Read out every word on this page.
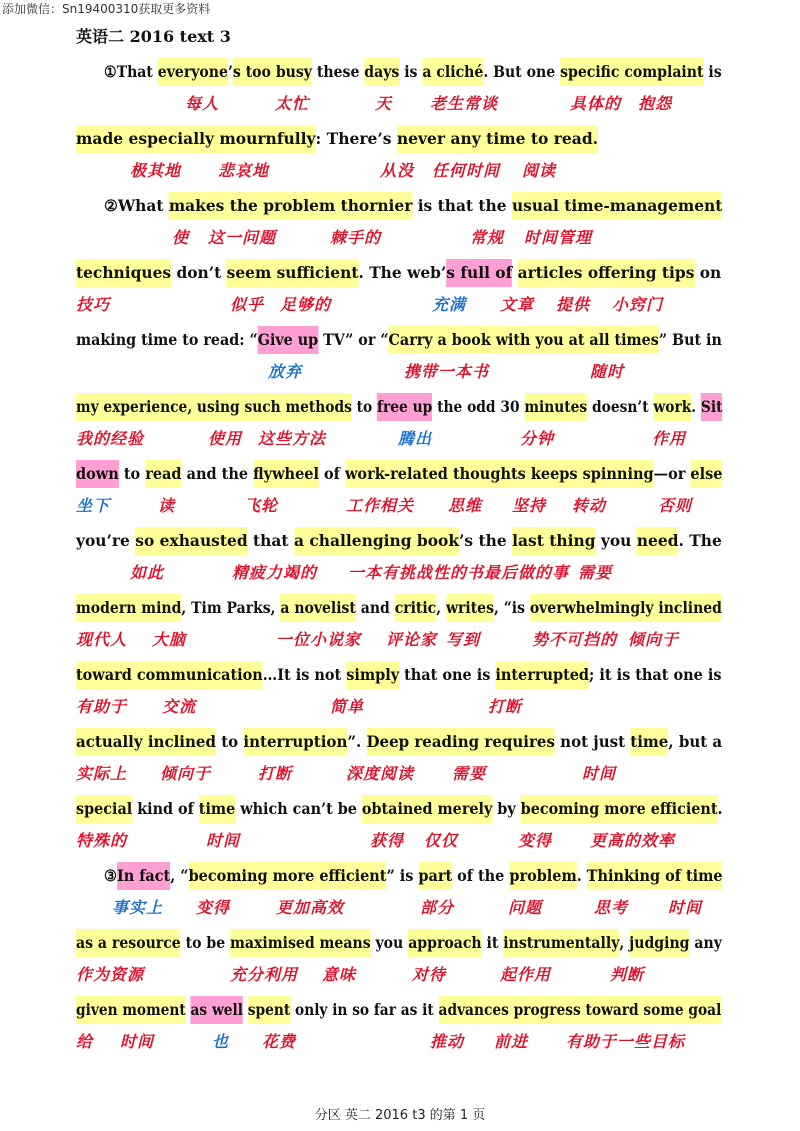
添加微信：Sn19400310获取更多资料
英语二 2016 text 3
①That everyone’s too busy these days is a cliché. But one specific complaint is
made especially mournfully: There’s never any time to read.
②What makes the problem thornier is that the usual time-management
techniques don’t seem sufficient. The web’s full of articles offering tips on
making time to read: “Give up TV” or “Carry a book with you at all times” But in
my experience, using such methods to free up the odd 30 minutes doesn’t work. Sit
down to read and the flywheel of work-related thoughts keeps spinning—or else
you’re so exhausted that a challenging book’s the last thing you need. The
modern mind, Tim Parks, a novelist and critic, writes, “is overwhelmingly inclined
toward communication…It is not simply that one is interrupted; it is that one is
actually inclined to interruption”. Deep reading requires not just time, but a
special kind of time which can’t be obtained merely by becoming more efficient.
③In fact, “becoming more efficient” is part of the problem. Thinking of time
as a resource to be maximised means you approach it instrumentally, judging any
given moment as well spent only in so far as it advances progress toward some goal
每人	太忙	天 老生常谈	具体的 抱怨
极其地 悲哀地	从没 任何时间 阅读
使 这一问题	棘手的	常规 时间管理
技巧	似乎 足够的	充满 文章 提供 小窍门
放弃	携带一本书	随时
我的经验	使用 这些方法	腾出	分钟	作用
坐下	读	飞轮	工作相关 思维 坚持 转动	否则
如此	精疲力竭的 一本有挑战性的书 最后做的事 需要
现代人 大脑	一位小说家 评论家 写到	势不可挡的 倾向于
有助于 交流	简单	打断
实际上 倾向于	打断	深度阅读 需要	时间
特殊的	时间	获得 仅仅	变得 更高的效率
事实上 变得	更加高效	部分	问题	思考 时间
作为资源	充分利用 意味	对待	起作用	判断
给 时间	也 花费	推动 前进 有助于一些目标
分区 英二 2016 t3 的第 1 页
